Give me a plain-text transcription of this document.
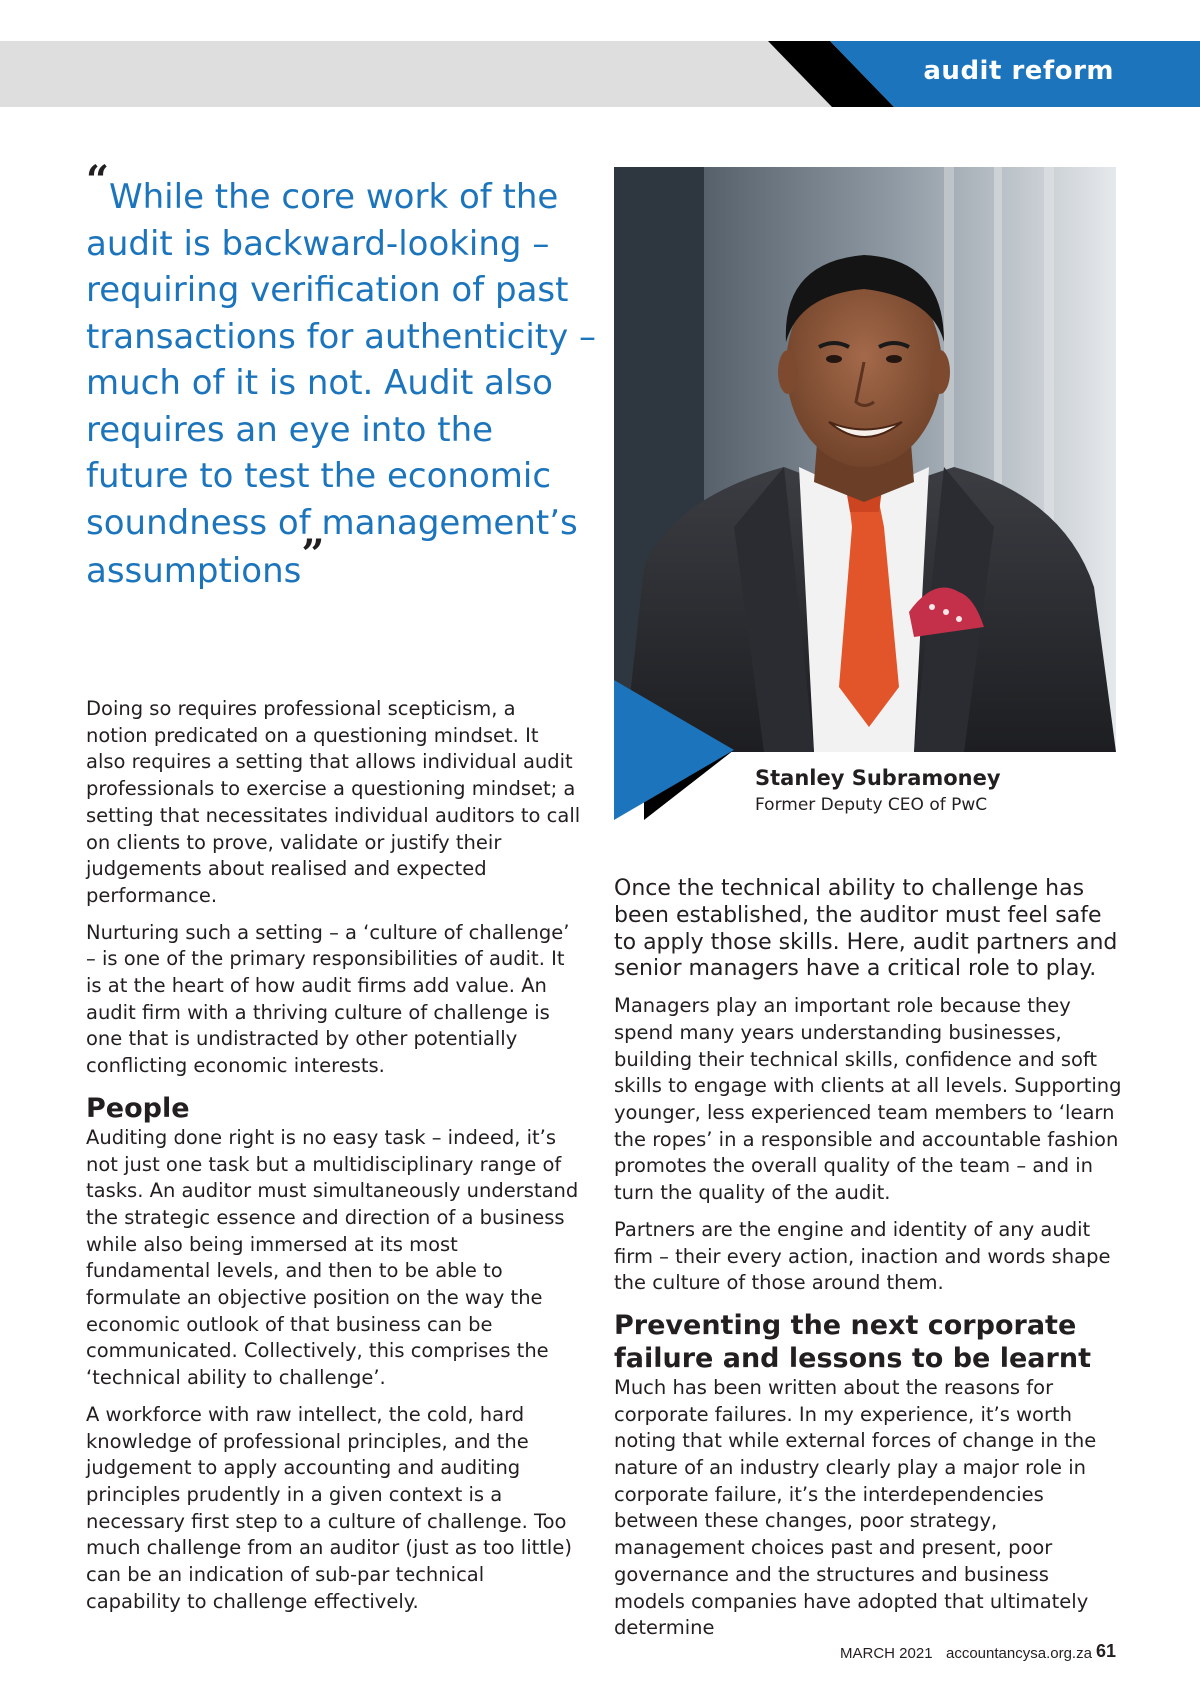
audit reform
“While the core work of the audit is backward-looking – requiring verification of past transactions for authenticity – much of it is not. Audit also requires an eye into the future to test the economic soundness of management’s assumptions”
Stanley Subramoney
Former Deputy CEO of PwC

Doing so requires professional scepticism, a notion predicated on a questioning mindset. It also requires a setting that allows individual audit professionals to exercise a questioning mindset; a setting that necessitates individual auditors to call on clients to prove, validate or justify their judgements about realised and expected performance.

Nurturing such a setting – a ‘culture of challenge’ – is one of the primary responsibilities of audit. It is at the heart of how audit firms add value. An audit firm with a thriving culture of challenge is one that is undistracted by other potentially conflicting economic interests.

People

Auditing done right is no easy task – indeed, it’s not just one task but a multidisciplinary range of tasks. An auditor must simultaneously understand the strategic essence and direction of a business while also being immersed at its most fundamental levels, and then to be able to formulate an objective position on the way the economic outlook of that business can be communicated. Collectively, this comprises the ‘technical ability to challenge’.

A workforce with raw intellect, the cold, hard knowledge of professional principles, and the judgement to apply accounting and auditing principles prudently in a given context is a necessary first step to a culture of challenge. Too much challenge from an auditor (just as too little) can be an indication of sub-par technical capability to challenge effectively.

Once the technical ability to challenge has been established, the auditor must feel safe to apply those skills. Here, audit partners and senior managers have a critical role to play.

Managers play an important role because they spend many years understanding businesses, building their technical skills, confidence and soft skills to engage with clients at all levels. Supporting younger, less experienced team members to ‘learn the ropes’ in a responsible and accountable fashion promotes the overall quality of the team – and in turn the quality of the audit.

Partners are the engine and identity of any audit firm – their every action, inaction and words shape the culture of those around them.

Preventing the next corporate failure and lessons to be learnt

Much has been written about the reasons for corporate failures. In my experience, it’s worth noting that while external forces of change in the nature of an industry clearly play a major role in corporate failure, it’s the interdependencies between these changes, poor strategy, management choices past and present, poor governance and the structures and business models companies have adopted that ultimately determine

MARCH 2021 accountancysa.org.za 61
